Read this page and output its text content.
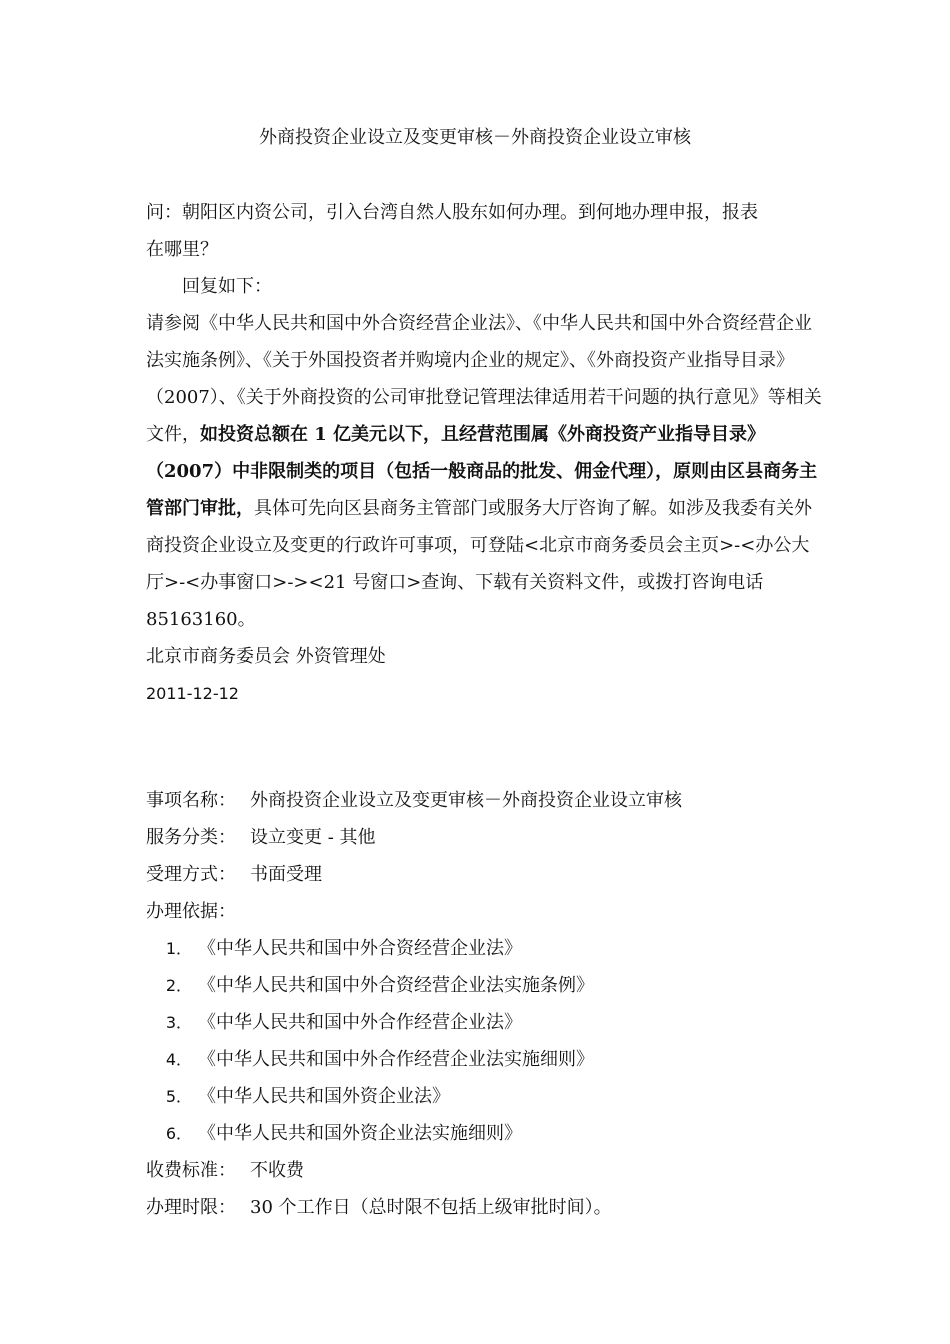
外商投资企业设立及变更审核－外商投资企业设立审核

问：朝阳区内资公司，引入台湾自然人股东如何办理。到何地办理申报，报表

在哪里？

回复如下：

请参阅《中华人民共和国中外合资经营企业法》、《中华人民共和国中外合资经营企业法实施条例》、《关于外国投资者并购境内企业的规定》、《外商投资产业指导目录》（2007）、《关于外商投资的公司审批登记管理法律适用若干问题的执行意见》等相关文件，如投资总额在 1 亿美元以下，且经营范围属《外商投资产业指导目录》（2007）中非限制类的项目（包括一般商品的批发、佣金代理），原则由区县商务主管部门审批，具体可先向区县商务主管部门或服务大厅咨询了解。如涉及我委有关外商投资企业设立及变更的行政许可事项，可登陆<北京市商务委员会主页>-<办公大厅>-<办事窗口>-><21 号窗口>查询、下载有关资料文件，或拨打咨询电话 85163160。

北京市商务委员会 外资管理处

2011-12-12

事项名称： 外商投资企业设立及变更审核－外商投资企业设立审核
服务分类： 设立变更 - 其他
受理方式： 书面受理
办理依据：
1． 《中华人民共和国中外合资经营企业法》
2． 《中华人民共和国中外合资经营企业法实施条例》
3． 《中华人民共和国中外合作经营企业法》
4． 《中华人民共和国中外合作经营企业法实施细则》
5． 《中华人民共和国外资企业法》
6． 《中华人民共和国外资企业法实施细则》
收费标准： 不收费
办理时限： 30 个工作日（总时限不包括上级审批时间）。
